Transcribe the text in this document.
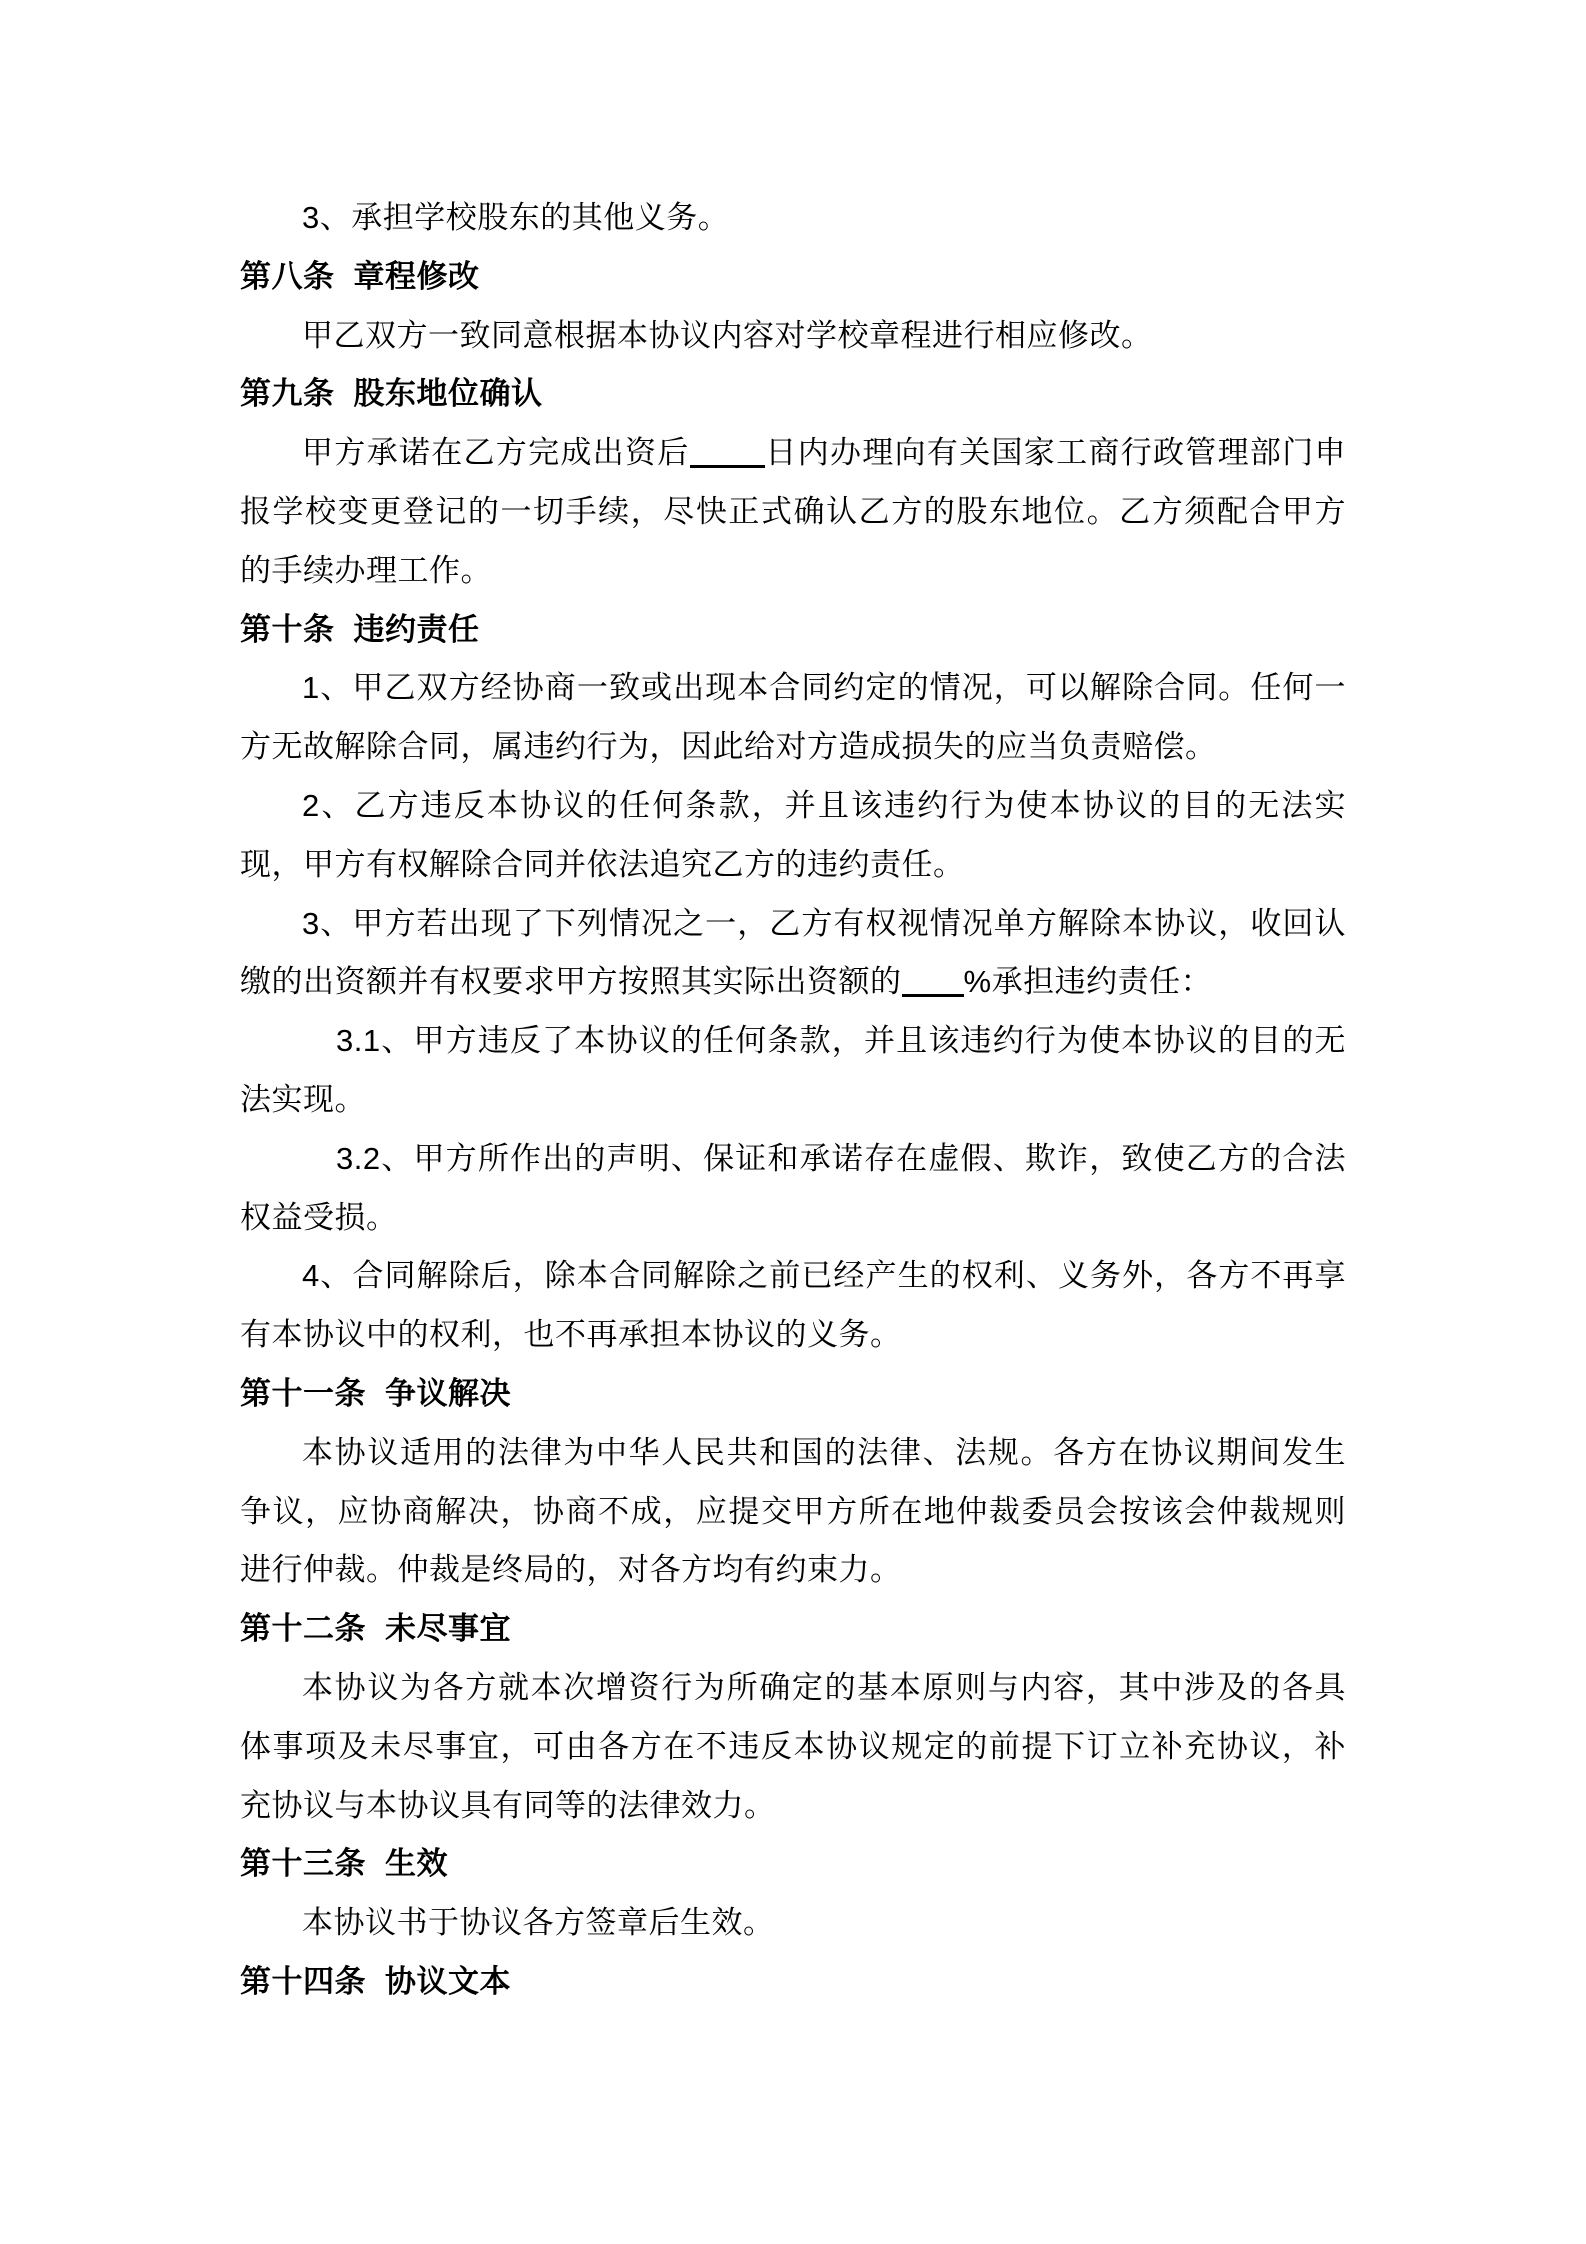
3、承担学校股东的其他义务。
第八条 章程修改
甲乙双方一致同意根据本协议内容对学校章程进行相应修改。
第九条 股东地位确认
甲方承诺在乙方完成出资后 日内办理向有关国家工商行政管理部门申
报学校变更登记的一切手续，尽快正式确认乙方的股东地位。乙方须配合甲方
的手续办理工作。
第十条 违约责任
1、甲乙双方经协商一致或出现本合同约定的情况，可以解除合同。任何一
方无故解除合同，属违约行为，因此给对方造成损失的应当负责赔偿。
2、乙方违反本协议的任何条款，并且该违约行为使本协议的目的无法实
现，甲方有权解除合同并依法追究乙方的违约责任。
3、甲方若出现了下列情况之一，乙方有权视情况单方解除本协议，收回认
缴的出资额并有权要求甲方按照其实际出资额的 %承担违约责任：
3.1、甲方违反了本协议的任何条款，并且该违约行为使本协议的目的无
法实现。
3.2、甲方所作出的声明、保证和承诺存在虚假、欺诈，致使乙方的合法
权益受损。
4、合同解除后，除本合同解除之前已经产生的权利、义务外，各方不再享
有本协议中的权利，也不再承担本协议的义务。
第十一条 争议解决
本协议适用的法律为中华人民共和国的法律、法规。各方在协议期间发生
争议，应协商解决，协商不成，应提交甲方所在地仲裁委员会按该会仲裁规则
进行仲裁。仲裁是终局的，对各方均有约束力。
第十二条 未尽事宜
本协议为各方就本次增资行为所确定的基本原则与内容，其中涉及的各具
体事项及未尽事宜，可由各方在不违反本协议规定的前提下订立补充协议，补
充协议与本协议具有同等的法律效力。
第十三条 生效
本协议书于协议各方签章后生效。
第十四条 协议文本
